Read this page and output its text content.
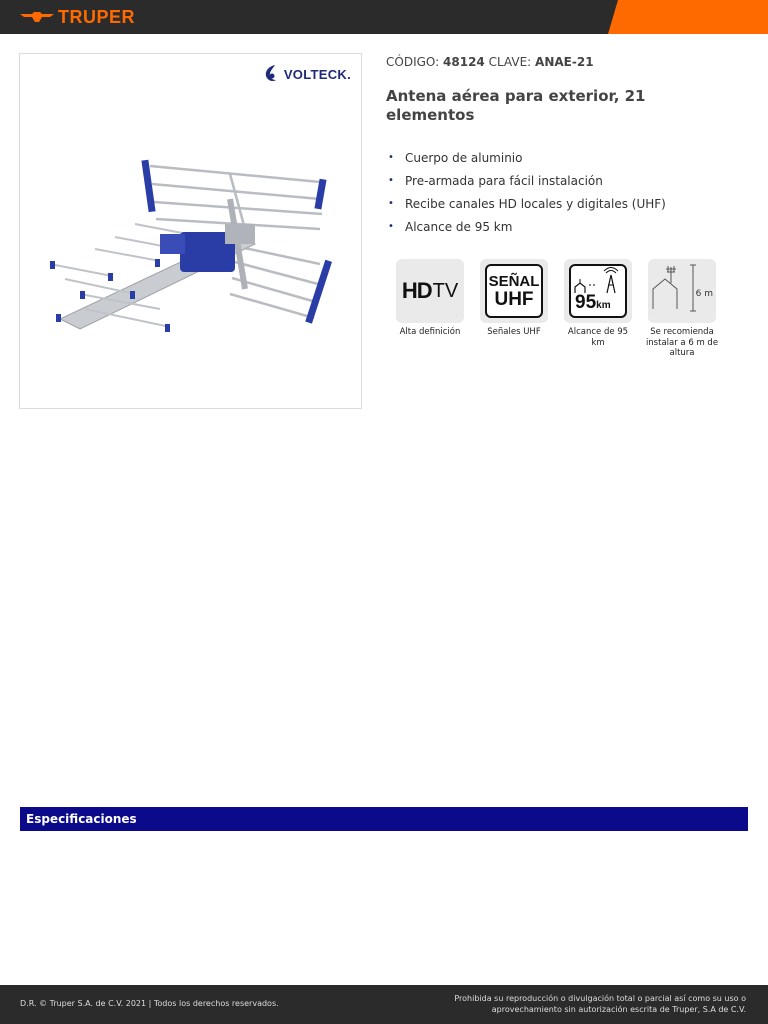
TRUPER
VOLTECK.
CÓDIGO: 48124 CLAVE: ANAE-21
Antena aérea para exterior, 21 elementos
• Cuerpo de aluminio
• Pre-armada para fácil instalación
• Recibe canales HD locales y digitales (UHF)
• Alcance de 95 km
HD TV
Alta definición
SEÑAL
UHF
Señales UHF
95 km
Alcance de 95 km
6 m
Se recomienda instalar a 6 m de altura
Especificaciones
D.R. © Truper S.A. de C.V. 2021 | Todos los derechos reservados.
Prohibida su reproducción o divulgación total o parcial así como su uso o aprovechamiento sin autorización escrita de Truper, S.A de C.V.
